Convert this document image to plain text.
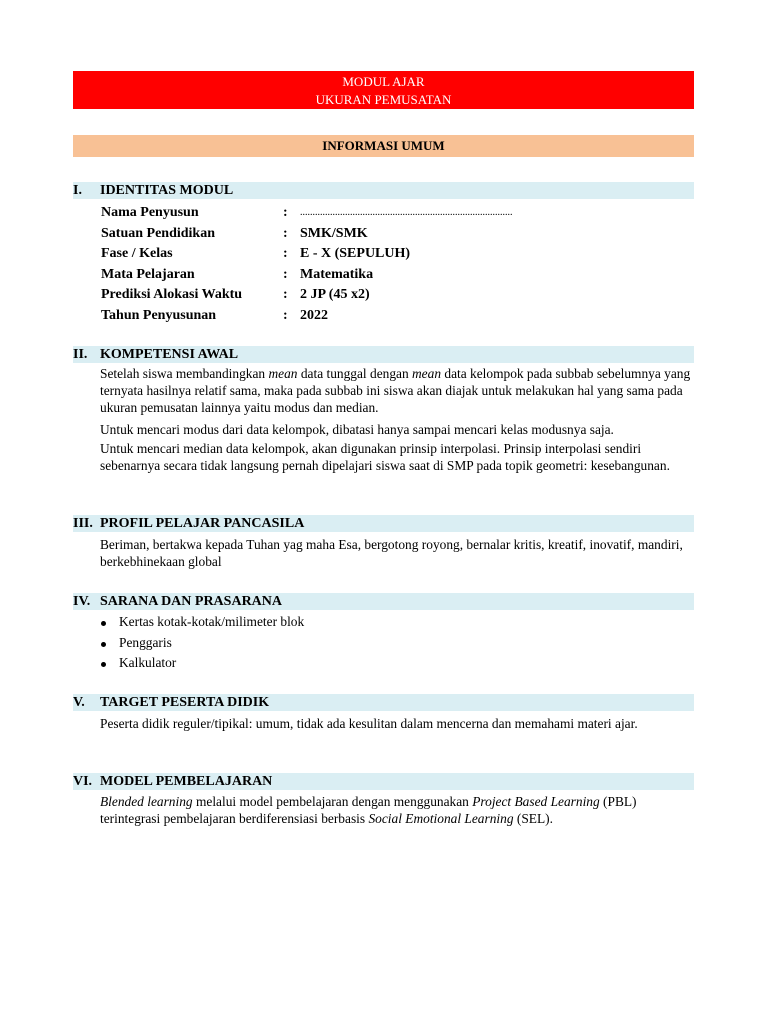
MODUL AJAR
UKURAN PEMUSATAN
INFORMASI UMUM
I. IDENTITAS MODUL
Nama Penyusun	: .....................................................................................
Satuan Pendidikan	: SMK/SMK
Fase / Kelas	: E - X (SEPULUH)
Mata Pelajaran	: Matematika
Prediksi Alokasi Waktu	: 2 JP (45 x2)
Tahun Penyusunan	: 2022
II. KOMPETENSI AWAL

Setelah siswa membandingkan mean data tunggal dengan mean data kelompok pada subbab sebelumnya yang ternyata hasilnya relatif sama, maka pada subbab ini siswa akan diajak untuk melakukan hal yang sama pada ukuran pemusatan lainnya yaitu modus dan median.

Untuk mencari modus dari data kelompok, dibatasi hanya sampai mencari kelas modusnya saja.

Untuk mencari median data kelompok, akan digunakan prinsip interpolasi. Prinsip interpolasi sendiri sebenarnya secara tidak langsung pernah dipelajari siswa saat di SMP pada topik geometri: kesebangunan.

III. PROFIL PELAJAR PANCASILA

Beriman, bertakwa kepada Tuhan yag maha Esa, bergotong royong, bernalar kritis, kreatif, inovatif, mandiri, berkebhinekaan global

IV. SARANA DAN PRASARANA
Kertas kotak-kotak/milimeter blok
Penggaris
Kalkulator
V. TARGET PESERTA DIDIK

Peserta didik reguler/tipikal: umum, tidak ada kesulitan dalam mencerna dan memahami materi ajar.

VI. MODEL PEMBELAJARAN

Blended learning melalui model pembelajaran dengan menggunakan Project Based Learning (PBL) terintegrasi pembelajaran berdiferensiasi berbasis Social Emotional Learning (SEL).
